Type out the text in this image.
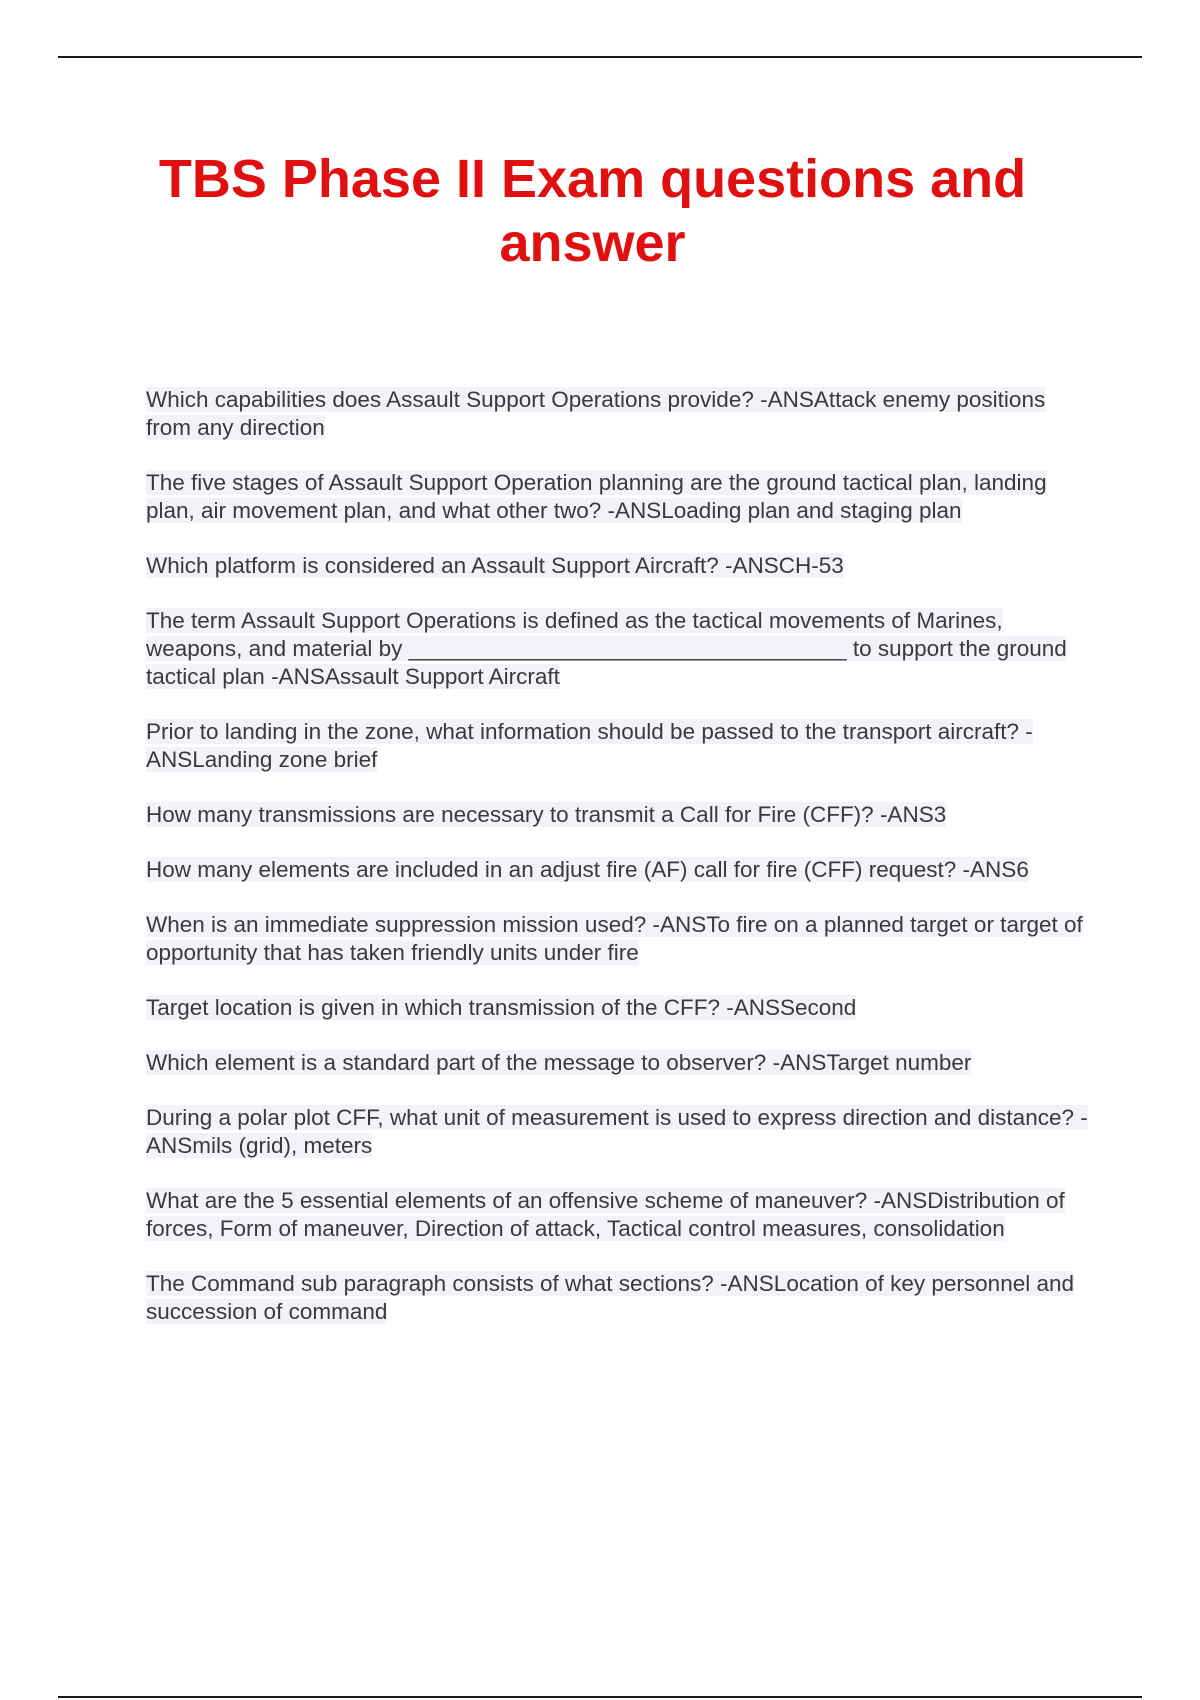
TBS Phase II Exam questions and answer

Which capabilities does Assault Support Operations provide? -ANSAttack enemy positions from any direction

The five stages of Assault Support Operation planning are the ground tactical plan, landing plan, air movement plan, and what other two? -ANSLoading plan and staging plan

Which platform is considered an Assault Support Aircraft? -ANSCH-53

The term Assault Support Operations is defined as the tactical movements of Marines, weapons, and material by ___________________________________ to support the ground tactical plan -ANSAssault Support Aircraft

Prior to landing in the zone, what information should be passed to the transport aircraft? -ANSLanding zone brief

How many transmissions are necessary to transmit a Call for Fire (CFF)? -ANS3

How many elements are included in an adjust fire (AF) call for fire (CFF) request? -ANS6

When is an immediate suppression mission used? -ANSTo fire on a planned target or target of opportunity that has taken friendly units under fire

Target location is given in which transmission of the CFF? -ANSSecond

Which element is a standard part of the message to observer? -ANSTarget number

During a polar plot CFF, what unit of measurement is used to express direction and distance? -ANSmils (grid), meters

What are the 5 essential elements of an offensive scheme of maneuver? -ANSDistribution of forces, Form of maneuver, Direction of attack, Tactical control measures, consolidation

The Command sub paragraph consists of what sections? -ANSLocation of key personnel and succession of command
